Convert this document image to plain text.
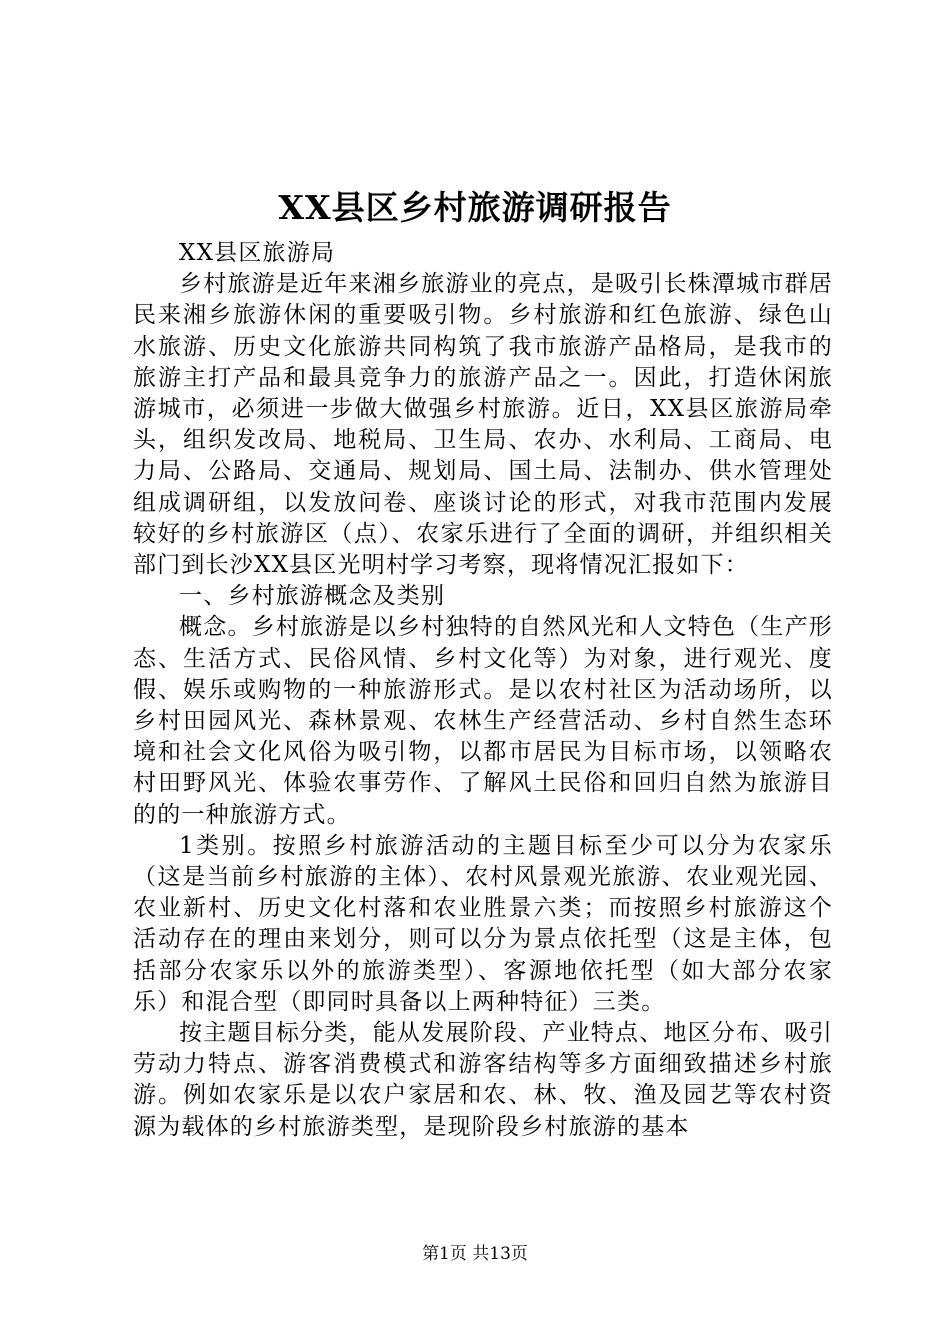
XX县区乡村旅游调研报告

XX县区旅游局

乡村旅游是近年来湘乡旅游业的亮点，是吸引长株潭城市群居民来湘乡旅游休闲的重要吸引物。乡村旅游和红色旅游、绿色山水旅游、历史文化旅游共同构筑了我市旅游产品格局，是我市的旅游主打产品和最具竞争力的旅游产品之一。因此，打造休闲旅游城市，必须进一步做大做强乡村旅游。近日，XX县区旅游局牵头，组织发改局、地税局、卫生局、农办、水利局、工商局、电力局、公路局、交通局、规划局、国土局、法制办、供水管理处组成调研组，以发放问卷、座谈讨论的形式，对我市范围内发展较好的乡村旅游区（点）、农家乐进行了全面的调研，并组织相关部门到长沙XX县区光明村学习考察，现将情况汇报如下：

一、乡村旅游概念及类别

概念。乡村旅游是以乡村独特的自然风光和人文特色（生产形态、生活方式、民俗风情、乡村文化等）为对象，进行观光、度假、娱乐或购物的一种旅游形式。是以农村社区为活动场所，以乡村田园风光、森林景观、农林生产经营活动、乡村自然生态环境和社会文化风俗为吸引物，以都市居民为目标市场，以领略农村田野风光、体验农事劳作、了解风土民俗和回归自然为旅游目的的一种旅游方式。

1类别。按照乡村旅游活动的主题目标至少可以分为农家乐（这是当前乡村旅游的主体）、农村风景观光旅游、农业观光园、农业新村、历史文化村落和农业胜景六类；而按照乡村旅游这个活动存在的理由来划分，则可以分为景点依托型（这是主体，包括部分农家乐以外的旅游类型）、客源地依托型（如大部分农家乐）和混合型（即同时具备以上两种特征）三类。

按主题目标分类，能从发展阶段、产业特点、地区分布、吸引劳动力特点、游客消费模式和游客结构等多方面细致描述乡村旅游。例如农家乐是以农户家居和农、林、牧、渔及园艺等农村资源为载体的乡村旅游类型，是现阶段乡村旅游的基本

第1页 共13页
